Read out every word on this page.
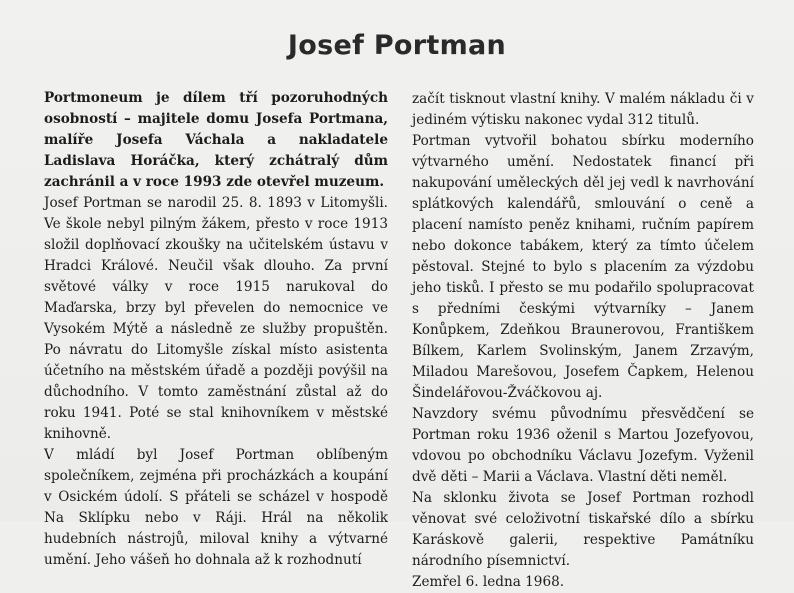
Josef Portman

Portmoneum je dílem tří pozoruhodných osobností – majitele domu Josefa Portmana, malíře Josefa Váchala a nakladatele Ladislava Horáčka, který zchátralý dům zachránil a v roce 1993 zde otevřel muzeum.

Josef Portman se narodil 25. 8. 1893 v Litomyšli. Ve škole nebyl pilným žákem, přesto v roce 1913 složil doplňovací zkoušky na učitelském ústavu v Hradci Králové. Neučil však dlouho. Za první světové války v roce 1915 narukoval do Maďarska, brzy byl převelen do nemocnice ve Vysokém Mýtě a následně ze služby propuštěn. Po návratu do Litomyšle získal místo asistenta účetního na městském úřadě a později povýšil na důchodního. V tomto zaměstnání zůstal až do roku 1941. Poté se stal knihovníkem v městské knihovně.

V mládí byl Josef Portman oblíbeným společníkem, zejména při procházkách a koupání v Osickém údolí. S přáteli se scházel v hospodě Na Sklípku nebo v Ráji. Hrál na několik hudebních nástrojů, miloval knihy a výtvarné umění. Jeho vášeň ho dohnala až k rozhodnutí

začít tisknout vlastní knihy. V malém nákladu či v jediném výtisku nakonec vydal 312 titulů.

Portman vytvořil bohatou sbírku moderního výtvarného umění. Nedostatek financí při nakupování uměleckých děl jej vedl k navrhování splátkových kalendářů, smlouvání o ceně a placení namísto peněz knihami, ručním papírem nebo dokonce tabákem, který za tímto účelem pěstoval. Stejné to bylo s placením za výzdobu jeho tisků. I přesto se mu podařilo spolupracovat s předními českými výtvarníky – Janem Konůpkem, Zdeňkou Braunerovou, Františkem Bílkem, Karlem Svolinským, Janem Zrzavým, Miladou Marešovou, Josefem Čapkem, Helenou Šindelářovou-Žváčkovou aj.

Navzdory svému původnímu přesvědčení se Portman roku 1936 oženil s Martou Jozefyovou, vdovou po obchodníku Václavu Jozefym. Vyženil dvě děti – Marii a Václava. Vlastní děti neměl.

Na sklonku života se Josef Portman rozhodl věnovat své celoživotní tiskařské dílo a sbírku Karáskově galerii, respektive Památníku národního písemnictví.

Zemřel 6. ledna 1968.
